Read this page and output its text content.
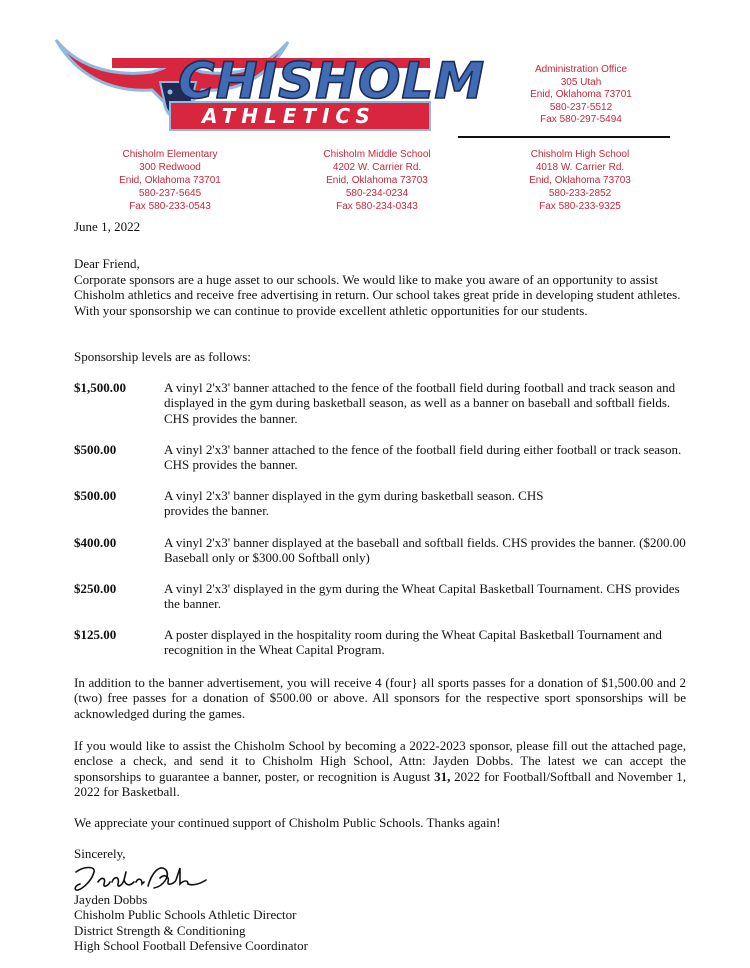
CHISHOLM
ATHLETICS
Administration Office
305 Utah
Enid, Oklahoma 73701
580-237-5512
Fax 580-297-5494
Chisholm Elementary
300 Redwood
Enid, Oklahoma 73701
580-237-5645
Fax 580-233-0543
Chisholm Middle School
4202 W. Carrier Rd.
Enid, Oklahoma 73703
580-234-0234
Fax 580-234-0343
Chisholm High School
4018 W. Carrier Rd.
Enid, Oklahoma 73703
580-233-2852
Fax 580-233-9325
June 1, 2022
Dear Friend,
Corporate sponsors are a huge asset to our schools. We would like to make you aware of an opportunity to assist Chisholm athletics and receive free advertising in return. Our school takes great pride in developing student athletes. With your sponsorship we can continue to provide excellent athletic opportunities for our students.
Sponsorship levels are as follows:
$1,500.00	A vinyl 2'x3' banner attached to the fence of the football field during football and track season and displayed in the gym during basketball season, as well as a banner on baseball and softball fields. CHS provides the banner.
$500.00	A vinyl 2'x3' banner attached to the fence of the football field during either football or track season. CHS provides the banner.
$500.00	A vinyl 2'x3' banner displayed in the gym during basketball season. CHS provides the banner.
$400.00	A vinyl 2'x3' banner displayed at the baseball and softball fields. CHS provides the banner. ($200.00 Baseball only or $300.00 Softball only)
$250.00	A vinyl 2'x3' displayed in the gym during the Wheat Capital Basketball Tournament. CHS provides the banner.
$125.00	A poster displayed in the hospitality room during the Wheat Capital Basketball Tournament and recognition in the Wheat Capital Program.
In addition to the banner advertisement, you will receive 4 (four} all sports passes for a donation of $1,500.00 and 2 (two) free passes for a donation of $500.00 or above. All sponsors for the respective sport sponsorships will be acknowledged during the games.
If you would like to assist the Chisholm School by becoming a 2022-2023 sponsor, please fill out the attached page, enclose a check, and send it to Chisholm High School, Attn: Jayden Dobbs. The latest we can accept the sponsorships to guarantee a banner, poster, or recognition is August 31, 2022 for Football/Softball and November 1, 2022 for Basketball.
We appreciate your continued support of Chisholm Public Schools. Thanks again!
Sincerely,
Jayden Dobbs
Chisholm Public Schools Athletic Director
District Strength & Conditioning
High School Football Defensive Coordinator
